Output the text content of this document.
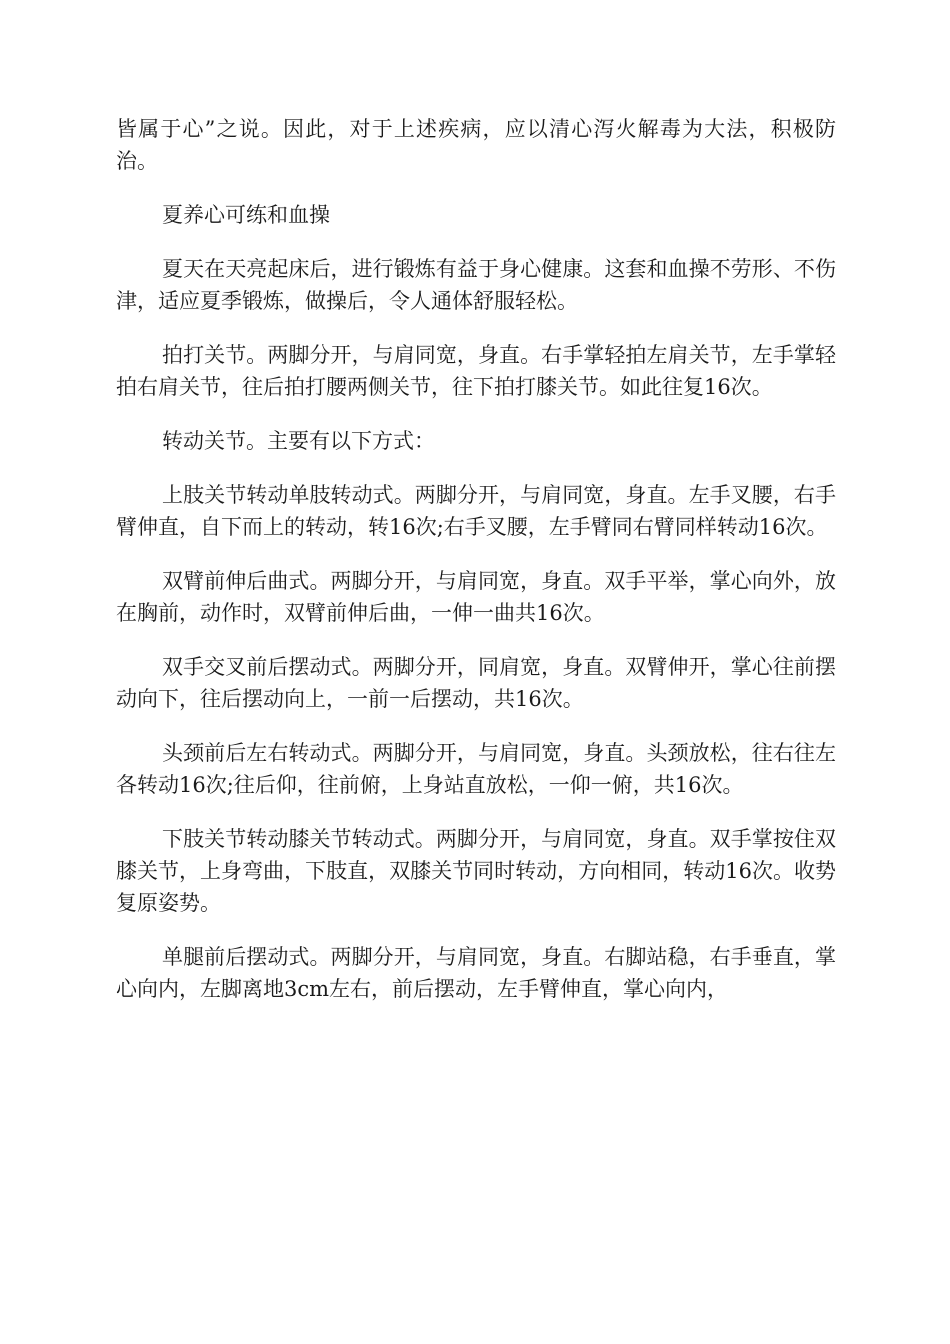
皆属于心”之说。因此，对于上述疾病，应以清心泻火解毒为大法，积极防治。

夏养心可练和血操

夏天在天亮起床后，进行锻炼有益于身心健康。这套和血操不劳形、不伤津，适应夏季锻炼，做操后，令人通体舒服轻松。

拍打关节。两脚分开，与肩同宽，身直。右手掌轻拍左肩关节，左手掌轻拍右肩关节，往后拍打腰两侧关节，往下拍打膝关节。如此往复16次。

转动关节。主要有以下方式：

上肢关节转动单肢转动式。两脚分开，与肩同宽，身直。左手叉腰，右手臂伸直，自下而上的转动，转16次;右手叉腰，左手臂同右臂同样转动16次。

双臂前伸后曲式。两脚分开，与肩同宽，身直。双手平举，掌心向外，放在胸前，动作时，双臂前伸后曲，一伸一曲共16次。

双手交叉前后摆动式。两脚分开，同肩宽，身直。双臂伸开，掌心往前摆动向下，往后摆动向上，一前一后摆动，共16次。

头颈前后左右转动式。两脚分开，与肩同宽，身直。头颈放松，往右往左各转动16次;往后仰，往前俯，上身站直放松，一仰一俯，共16次。

下肢关节转动膝关节转动式。两脚分开，与肩同宽，身直。双手掌按住双膝关节，上身弯曲，下肢直，双膝关节同时转动，方向相同，转动16次。收势复原姿势。

单腿前后摆动式。两脚分开，与肩同宽，身直。右脚站稳，右手垂直，掌心向内，左脚离地3cm左右，前后摆动，左手臂伸直，掌心向内，
